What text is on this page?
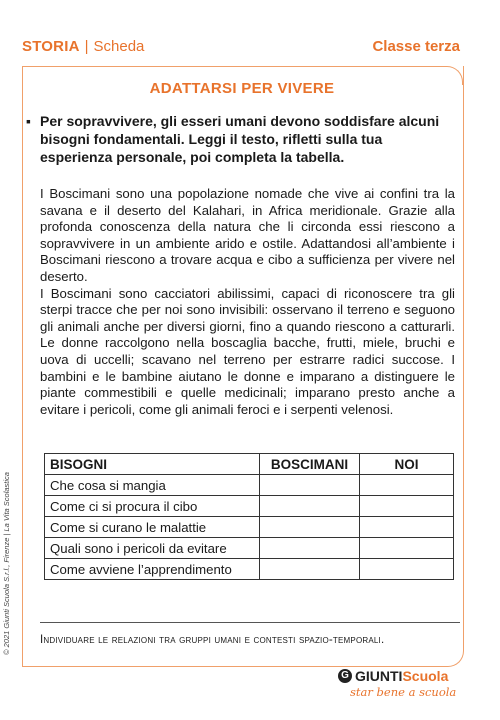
STORIA | Scheda	Classe terza
ADATTARSI PER VIVERE
▪ Per sopravvivere, gli esseri umani devono soddisfare alcuni bisogni fondamentali. Leggi il testo, rifletti sulla tua esperienza personale, poi completa la tabella.

I Boscimani sono una popolazione nomade che vive ai confini tra la savana e il deserto del Kalahari, in Africa meridionale. Grazie alla profonda conoscenza della natura che li circonda essi riescono a sopravvivere in un ambiente arido e ostile. Adattandosi all’ambiente i Boscimani riescono a trovare acqua e cibo a sufficienza per vivere nel deserto.

I Boscimani sono cacciatori abilissimi, capaci di riconoscere tra gli sterpi tracce che per noi sono invisibili: osservano il terreno e seguono gli animali anche per diversi giorni, fino a quando riescono a catturarli. Le donne raccolgono nella boscaglia bacche, frutti, miele, bruchi e uova di uccelli; scavano nel terreno per estrarre radici succose. I bambini e le bambine aiutano le donne e imparano a distinguere le piante commestibili e quelle medicinali; imparano presto anche a evitare i pericoli, come gli animali feroci e i serpenti velenosi.

BISOGNI	BOSCIMANI	NOI
Che cosa si mangia		
Come ci si procura il cibo		
Come si curano le malattie		
Quali sono i pericoli da evitare		
Come avviene l’apprendimento		
Individuare le relazioni tra gruppi umani e contesti spazio-temporali.
© 2021 Giunti Scuola S.r.l., Firenze | La Vita Scolastica
G GIUNTI Scuola
star bene a scuola
